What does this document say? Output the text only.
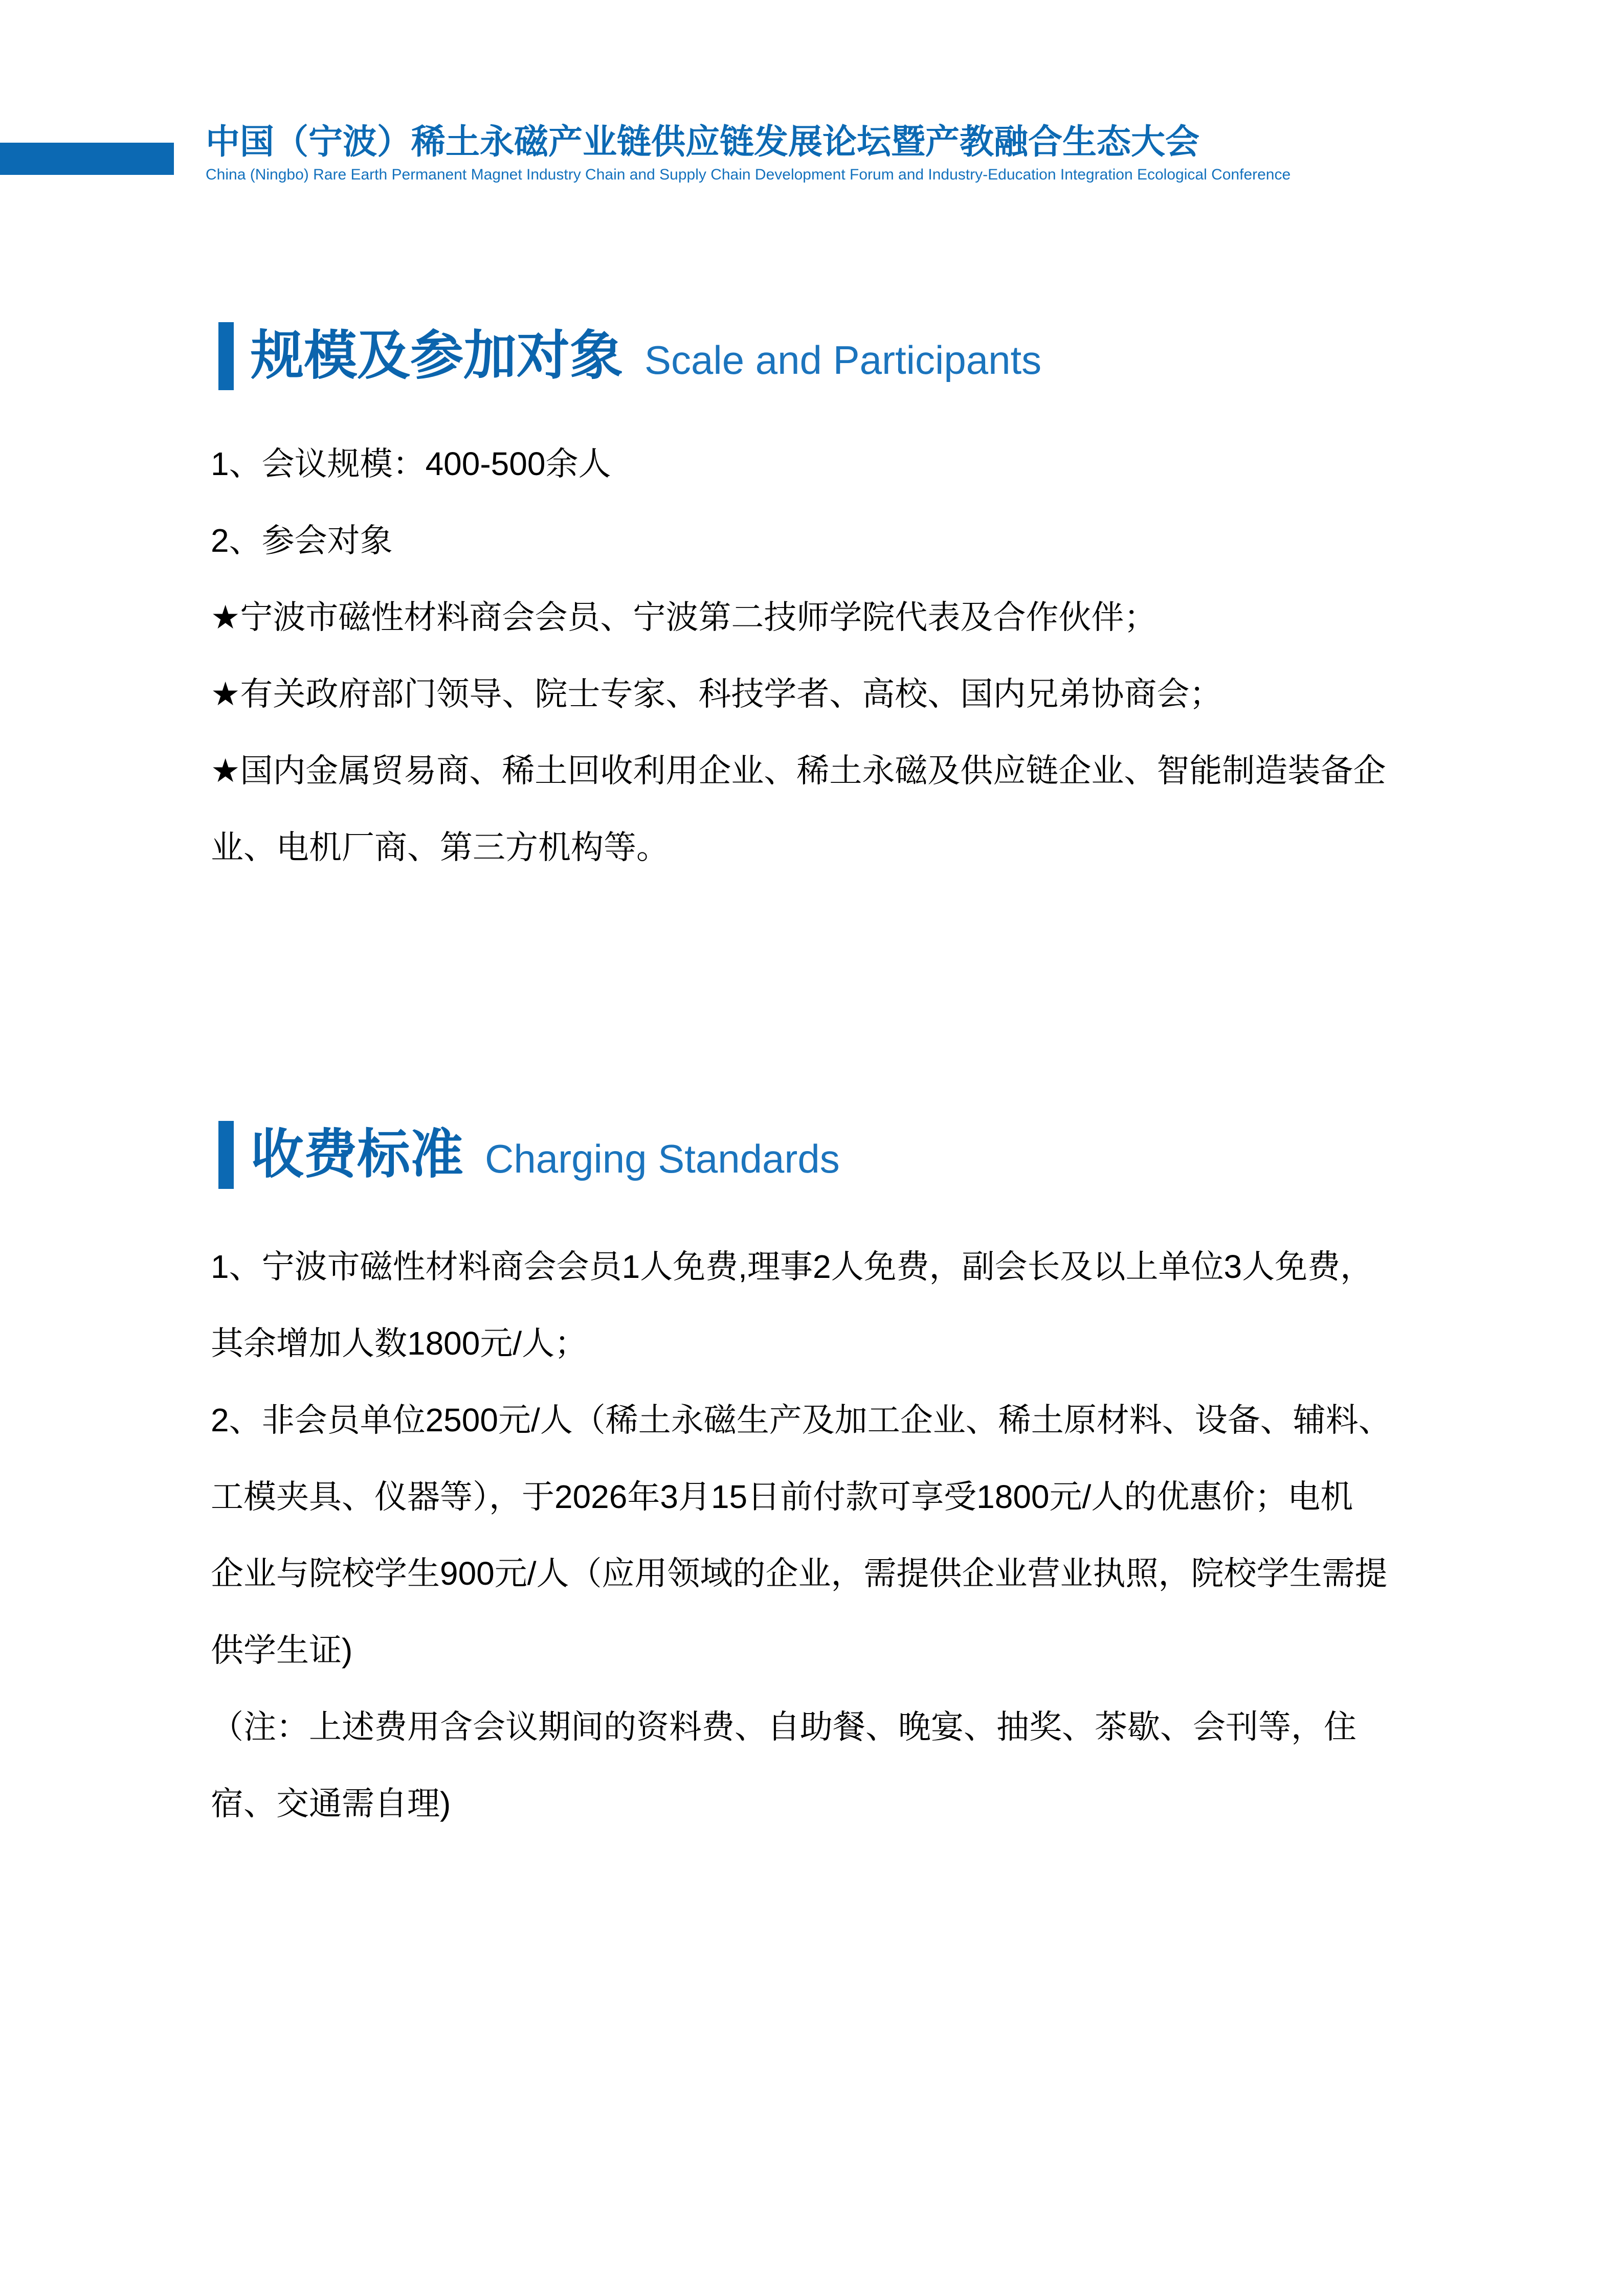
中国（宁波）稀土永磁产业链供应链发展论坛暨产教融合生态大会
China (Ningbo) Rare Earth Permanent Magnet Industry Chain and Supply Chain Development Forum and Industry-Education Integration Ecological Conference
规模及参加对象 Scale and Participants
1、会议规模：400-500余人
2、参会对象
★宁波市磁性材料商会会员、宁波第二技师学院代表及合作伙伴；
★有关政府部门领导、院士专家、科技学者、高校、国内兄弟协商会；
★国内金属贸易商、稀土回收利用企业、稀土永磁及供应链企业、智能制造装备企
业、电机厂商、第三方机构等。
收费标准 Charging Standards
1、宁波市磁性材料商会会员1人免费,理事2人免费，副会长及以上单位3人免费，
其余增加人数1800元/人；
2、非会员单位2500元/人（稀土永磁生产及加工企业、稀土原材料、设备、辅料、
工模夹具、仪器等），于2026年3月15日前付款可享受1800元/人的优惠价；电机
企业与院校学生900元/人（应用领域的企业，需提供企业营业执照，院校学生需提
供学生证)
（注：上述费用含会议期间的资料费、自助餐、晚宴、抽奖、茶歇、会刊等，住
宿、交通需自理)
